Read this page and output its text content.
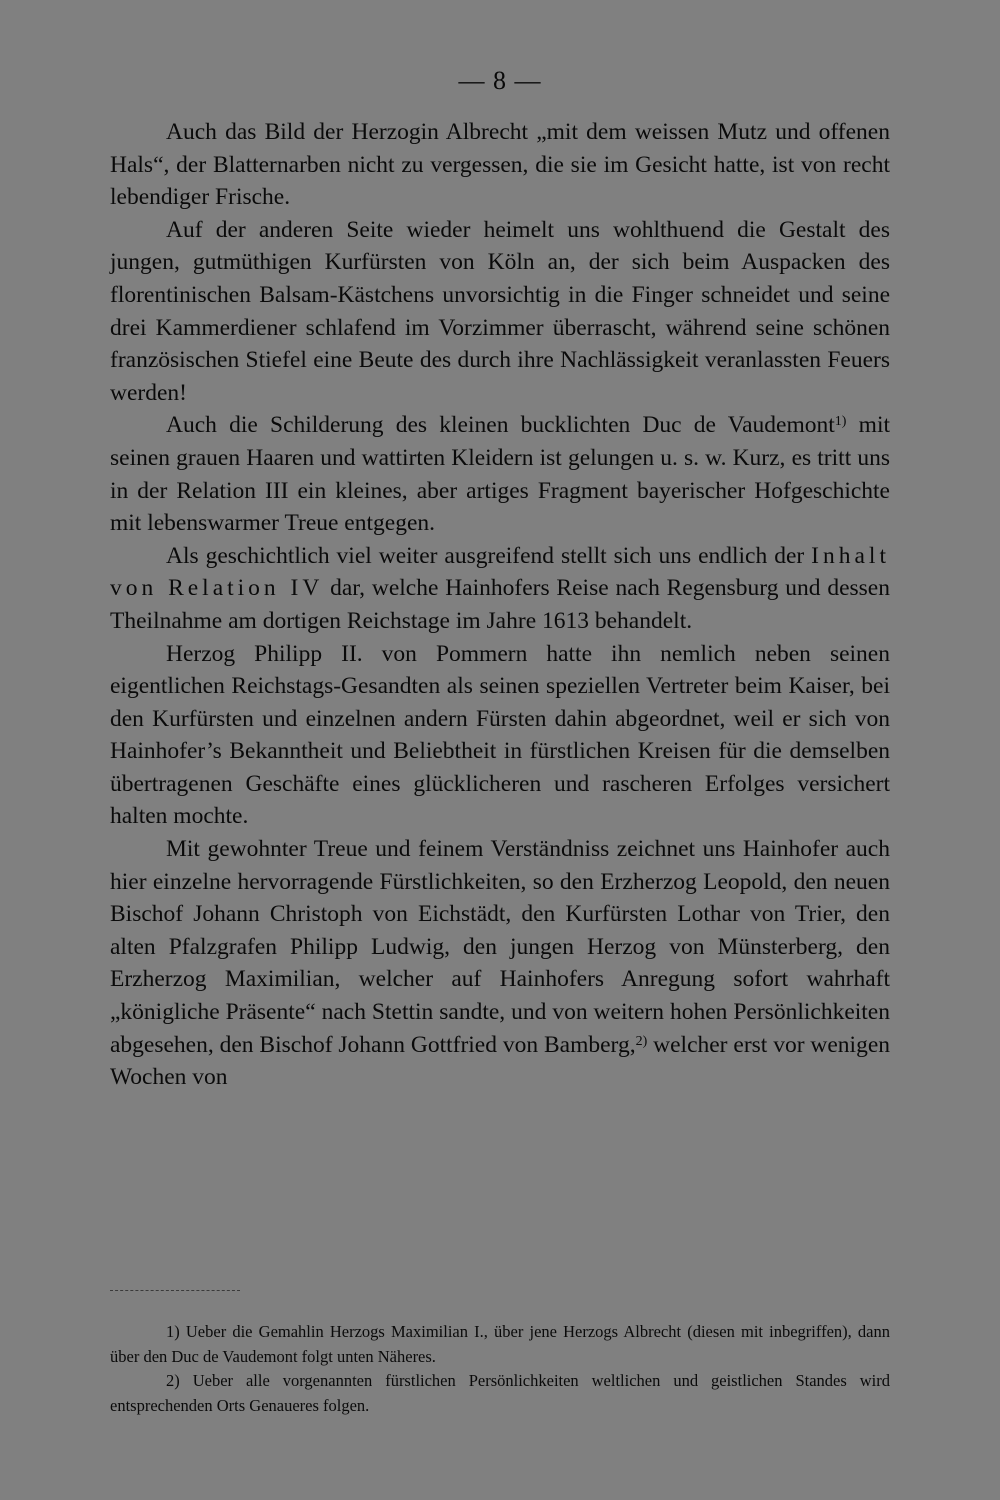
— 8 —

Auch das Bild der Herzogin Albrecht „mit dem weissen Mutz und offenen Hals“, der Blatternarben nicht zu vergessen, die sie im Gesicht hatte, ist von recht lebendiger Frische.

Auf der anderen Seite wieder heimelt uns wohlthuend die Gestalt des jungen, gutmüthigen Kurfürsten von Köln an, der sich beim Auspacken des florentinischen Balsam-Kästchens unvorsichtig in die Finger schneidet und seine drei Kammerdiener schlafend im Vorzimmer überrascht, während seine schönen französischen Stiefel eine Beute des durch ihre Nachlässigkeit veranlassten Feuers werden!

Auch die Schilderung des kleinen bucklichten Duc de Vaudemont$^{1)}$ mit seinen grauen Haaren und wattirten Kleidern ist gelungen u. s. w. Kurz, es tritt uns in der Relation III ein kleines, aber artiges Fragment bayerischer Hofgeschichte mit lebenswarmer Treue entgegen.

Als geschichtlich viel weiter ausgreifend stellt sich uns endlich der Inhalt von Relation IV dar, welche Hainhofers Reise nach Regensburg und dessen Theilnahme am dortigen Reichstage im Jahre 1613 behandelt.

Herzog Philipp II. von Pommern hatte ihn nemlich neben seinen eigentlichen Reichstags-Gesandten als seinen speziellen Vertreter beim Kaiser, bei den Kurfürsten und einzelnen andern Fürsten dahin abgeordnet, weil er sich von Hainhofer’s Bekanntheit und Beliebtheit in fürstlichen Kreisen für die demselben übertragenen Geschäfte eines glücklicheren und rascheren Erfolges versichert halten mochte.

Mit gewohnter Treue und feinem Verständniss zeichnet uns Hainhofer auch hier einzelne hervorragende Fürstlichkeiten, so den Erzherzog Leopold, den neuen Bischof Johann Christoph von Eichstädt, den Kurfürsten Lothar von Trier, den alten Pfalzgrafen Philipp Ludwig, den jungen Herzog von Münsterberg, den Erzherzog Maximilian, welcher auf Hainhofers Anregung sofort wahrhaft „königliche Präsente“ nach Stettin sandte, und von weitern hohen Persönlichkeiten abgesehen, den Bischof Johann Gottfried von Bamberg,$^{2)}$ welcher erst vor wenigen Wochen von

1) Ueber die Gemahlin Herzogs Maximilian I., über jene Herzogs Albrecht (diesen mit inbegriffen), dann über den Duc de Vaudemont folgt unten Näheres.

2) Ueber alle vorgenannten fürstlichen Persönlichkeiten weltlichen und geistlichen Standes wird entsprechenden Orts Genaueres folgen.
